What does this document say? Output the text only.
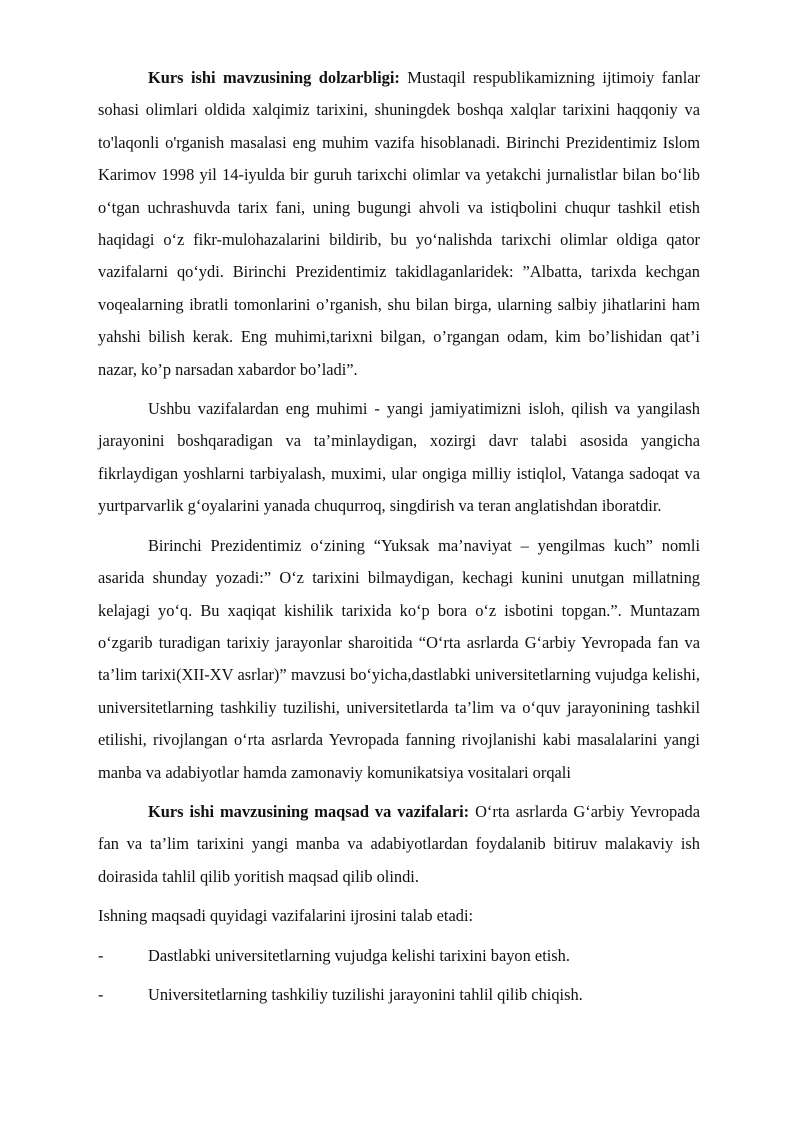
Kurs ishi mavzusining dolzarbligi: Mustaqil respublikamizning ijtimoiy fanlar sohasi olimlari oldida xalqimiz tarixini, shuningdek boshqa xalqlar tarixini haqqoniy va to'laqonli o'rganish masalasi eng muhim vazifa hisoblanadi. Birinchi Prezidentimiz Islom Karimov 1998 yil 14-iyulda bir guruh tarixchi olimlar va yetakchi jurnalistlar bilan bo‘lib o‘tgan uchrashuvda tarix fani, uning bugungi ahvoli va istiqbolini chuqur tashkil etish haqidagi o‘z fikr-mulohazalarini bildirib, bu yo‘nalishda tarixchi olimlar oldiga qator vazifalarni qo‘ydi. Birinchi Prezidentimiz takidlaganlaridek: ”Albatta, tarixda kechgan voqealarning ibratli tomonlarini o’rganish, shu bilan birga, ularning salbiy jihatlarini ham yahshi bilish kerak. Eng muhimi,tarixni bilgan, o’rgangan odam, kim bo’lishidan qat’i nazar, ko’p narsadan xabardor bo’ladi”.

Ushbu vazifalardan eng muhimi - yangi jamiyatimizni isloh, qilish va yangilash jarayonini boshqaradigan va ta’minlaydigan, xozirgi davr talabi asosida yangicha fikrlaydigan yoshlarni tarbiyalash, muximi, ular ongiga milliy istiqlol, Vatanga sadoqat va yurtparvarlik g‘oyalarini yanada chuqurroq, singdirish va teran anglatishdan iboratdir.

Birinchi Prezidentimiz o‘zining “Yuksak ma’naviyat – yengilmas kuch” nomli asarida shunday yozadi:” O‘z tarixini bilmaydigan, kechagi kunini unutgan millatning kelajagi yo‘q. Bu xaqiqat kishilik tarixida ko‘p bora o‘z isbotini topgan.”. Muntazam o‘zgarib turadigan tarixiy jarayonlar sharoitida “O‘rta asrlarda G‘arbiy Yevropada fan va ta’lim tarixi(XII-XV asrlar)” mavzusi bo‘yicha,dastlabki universitetlarning vujudga kelishi, universitetlarning tashkiliy tuzilishi, universitetlarda ta’lim va o‘quv jarayonining tashkil etilishi, rivojlangan o‘rta asrlarda Yevropada fanning rivojlanishi kabi masalalarini yangi manba va adabiyotlar hamda zamonaviy komunikatsiya vositalari orqali

Kurs ishi mavzusining maqsad va vazifalari: O‘rta asrlarda G‘arbiy Yevropada fan va ta’lim tarixini yangi manba va adabiyotlardan foydalanib bitiruv malakaviy ish doirasida tahlil qilib yoritish maqsad qilib olindi.

Ishning maqsadi quyidagi vazifalarini ijrosini talab etadi:

-	Dastlabki universitetlarning vujudga kelishi tarixini bayon etish.
-	Universitetlarning tashkiliy tuzilishi jarayonini tahlil qilib chiqish.
